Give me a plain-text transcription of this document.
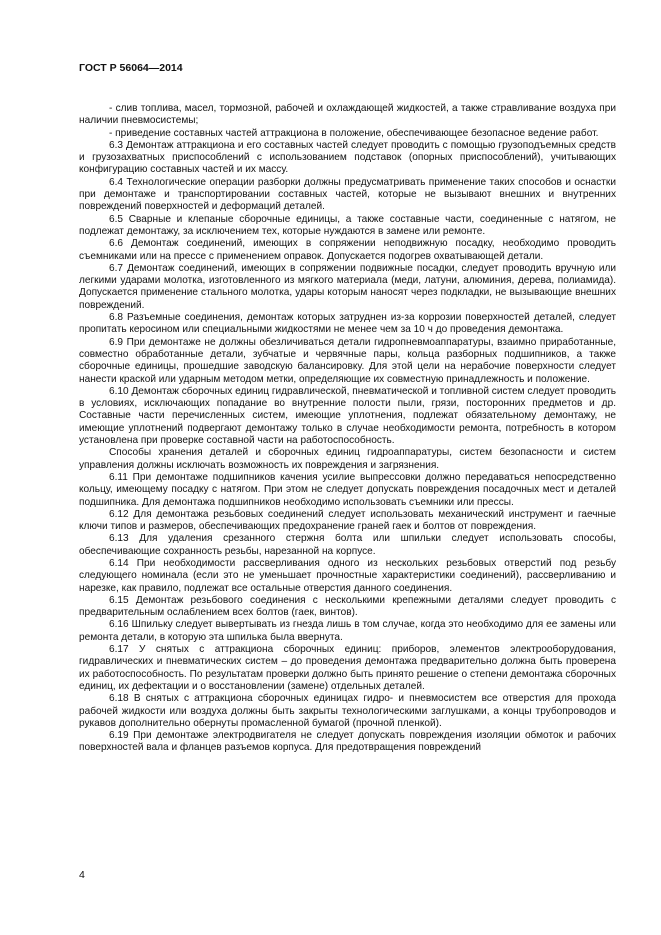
ГОСТ Р 56064—2014

- слив топлива, масел, тормозной, рабочей и охлаждающей жидкостей, а также стравливание воздуха при наличии пневмосистемы;

- приведение составных частей аттракциона в положение, обеспечивающее безопасное ведение работ.

6.3 Демонтаж аттракциона и его составных частей следует проводить с помощью грузоподъемных средств и грузозахватных приспособлений с использованием подставок (опорных приспособлений), учитывающих конфигурацию составных частей и их массу.

6.4 Технологические операции разборки должны предусматривать применение таких способов и оснастки при демонтаже и транспортировании составных частей, которые не вызывают внешних и внутренних повреждений поверхностей и деформаций деталей.

6.5 Сварные и клепаные сборочные единицы, а также составные части, соединенные с натягом, не подлежат демонтажу, за исключением тех, которые нуждаются в замене или ремонте.

6.6 Демонтаж соединений, имеющих в сопряжении неподвижную посадку, необходимо проводить съемниками или на прессе с применением оправок. Допускается подогрев охватывающей детали.

6.7 Демонтаж соединений, имеющих в сопряжении подвижные посадки, следует проводить вручную или легкими ударами молотка, изготовленного из мягкого материала (меди, латуни, алюминия, дерева, полиамида). Допускается применение стального молотка, удары которым наносят через подкладки, не вызывающие внешних повреждений.

6.8 Разъемные соединения, демонтаж которых затруднен из-за коррозии поверхностей деталей, следует пропитать керосином или специальными жидкостями не менее чем за 10 ч до проведения демонтажа.

6.9 При демонтаже не должны обезличиваться детали гидропневмоаппаратуры, взаимно приработанные, совместно обработанные детали, зубчатые и червячные пары, кольца разборных подшипников, а также сборочные единицы, прошедшие заводскую балансировку. Для этой цели на нерабочие поверхности следует нанести краской или ударным методом метки, определяющие их совместную принадлежность и положение.

6.10 Демонтаж сборочных единиц гидравлической, пневматической и топливной систем следует проводить в условиях, исключающих попадание во внутренние полости пыли, грязи, посторонних предметов и др. Составные части перечисленных систем, имеющие уплотнения, подлежат обязательному демонтажу, не имеющие уплотнений подвергают демонтажу только в случае необходимости ремонта, потребность в котором установлена при проверке составной части на работоспособность.

Способы хранения деталей и сборочных единиц гидроаппаратуры, систем безопасности и систем управления должны исключать возможность их повреждения и загрязнения.

6.11 При демонтаже подшипников качения усилие выпрессовки должно передаваться непосредственно кольцу, имеющему посадку с натягом. При этом не следует допускать повреждения посадочных мест и деталей подшипника. Для демонтажа подшипников необходимо использовать съемники или прессы.

6.12 Для демонтажа резьбовых соединений следует использовать механический инструмент и гаечные ключи типов и размеров, обеспечивающих предохранение граней гаек и болтов от повреждения.

6.13 Для удаления срезанного стержня болта или шпильки следует использовать способы, обеспечивающие сохранность резьбы, нарезанной на корпусе.

6.14 При необходимости рассверливания одного из нескольких резьбовых отверстий под резьбу следующего номинала (если это не уменьшает прочностные характеристики соединений), рассверливанию и нарезке, как правило, подлежат все остальные отверстия данного соединения.

6.15 Демонтаж резьбового соединения с несколькими крепежными деталями следует проводить с предварительным ослаблением всех болтов (гаек, винтов).

6.16 Шпильку следует вывертывать из гнезда лишь в том случае, когда это необходимо для ее замены или ремонта детали, в которую эта шпилька была ввернута.

6.17 У снятых с аттракциона сборочных единиц: приборов, элементов электрооборудования, гидравлических и пневматических систем – до проведения демонтажа предварительно должна быть проверена их работоспособность. По результатам проверки должно быть принято решение о степени демонтажа сборочных единиц, их дефектации и о восстановлении (замене) отдельных деталей.

6.18 В снятых с аттракциона сборочных единицах гидро- и пневмосистем все отверстия для прохода рабочей жидкости или воздуха должны быть закрыты технологическими заглушками, а концы трубопроводов и рукавов дополнительно обернуты промасленной бумагой (прочной пленкой).

6.19 При демонтаже электродвигателя не следует допускать повреждения изоляции обмоток и рабочих поверхностей вала и фланцев разъемов корпуса. Для предотвращения повреждений

4
